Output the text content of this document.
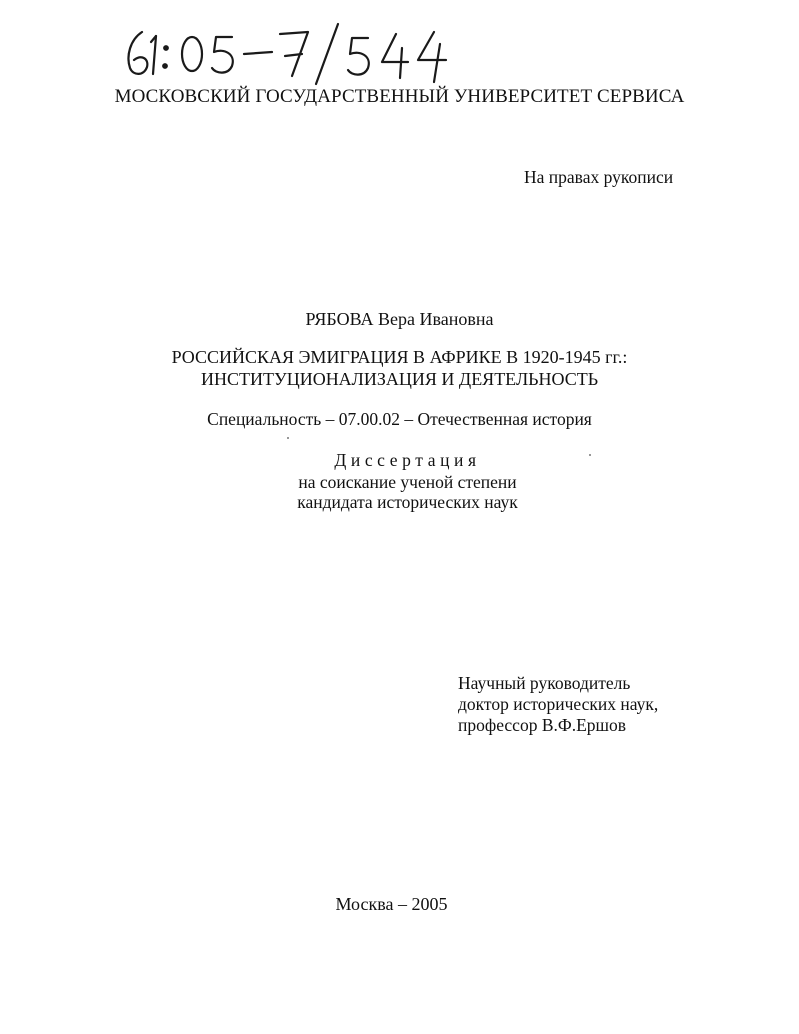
МОСКОВСКИЙ ГОСУДАРСТВЕННЫЙ УНИВЕРСИТЕТ СЕРВИСА
На правах рукописи
РЯБОВА Вера Ивановна
РОССИЙСКАЯ ЭМИГРАЦИЯ В АФРИКЕ В 1920-1945 гг.:
ИНСТИТУЦИОНАЛИЗАЦИЯ И ДЕЯТЕЛЬНОСТЬ
Специальность – 07.00.02 – Отечественная история
Диссертация
на соискание ученой степени
кандидата исторических наук
Научный руководитель
доктор исторических наук,
профессор В.Ф.Ершов
Москва – 2005
